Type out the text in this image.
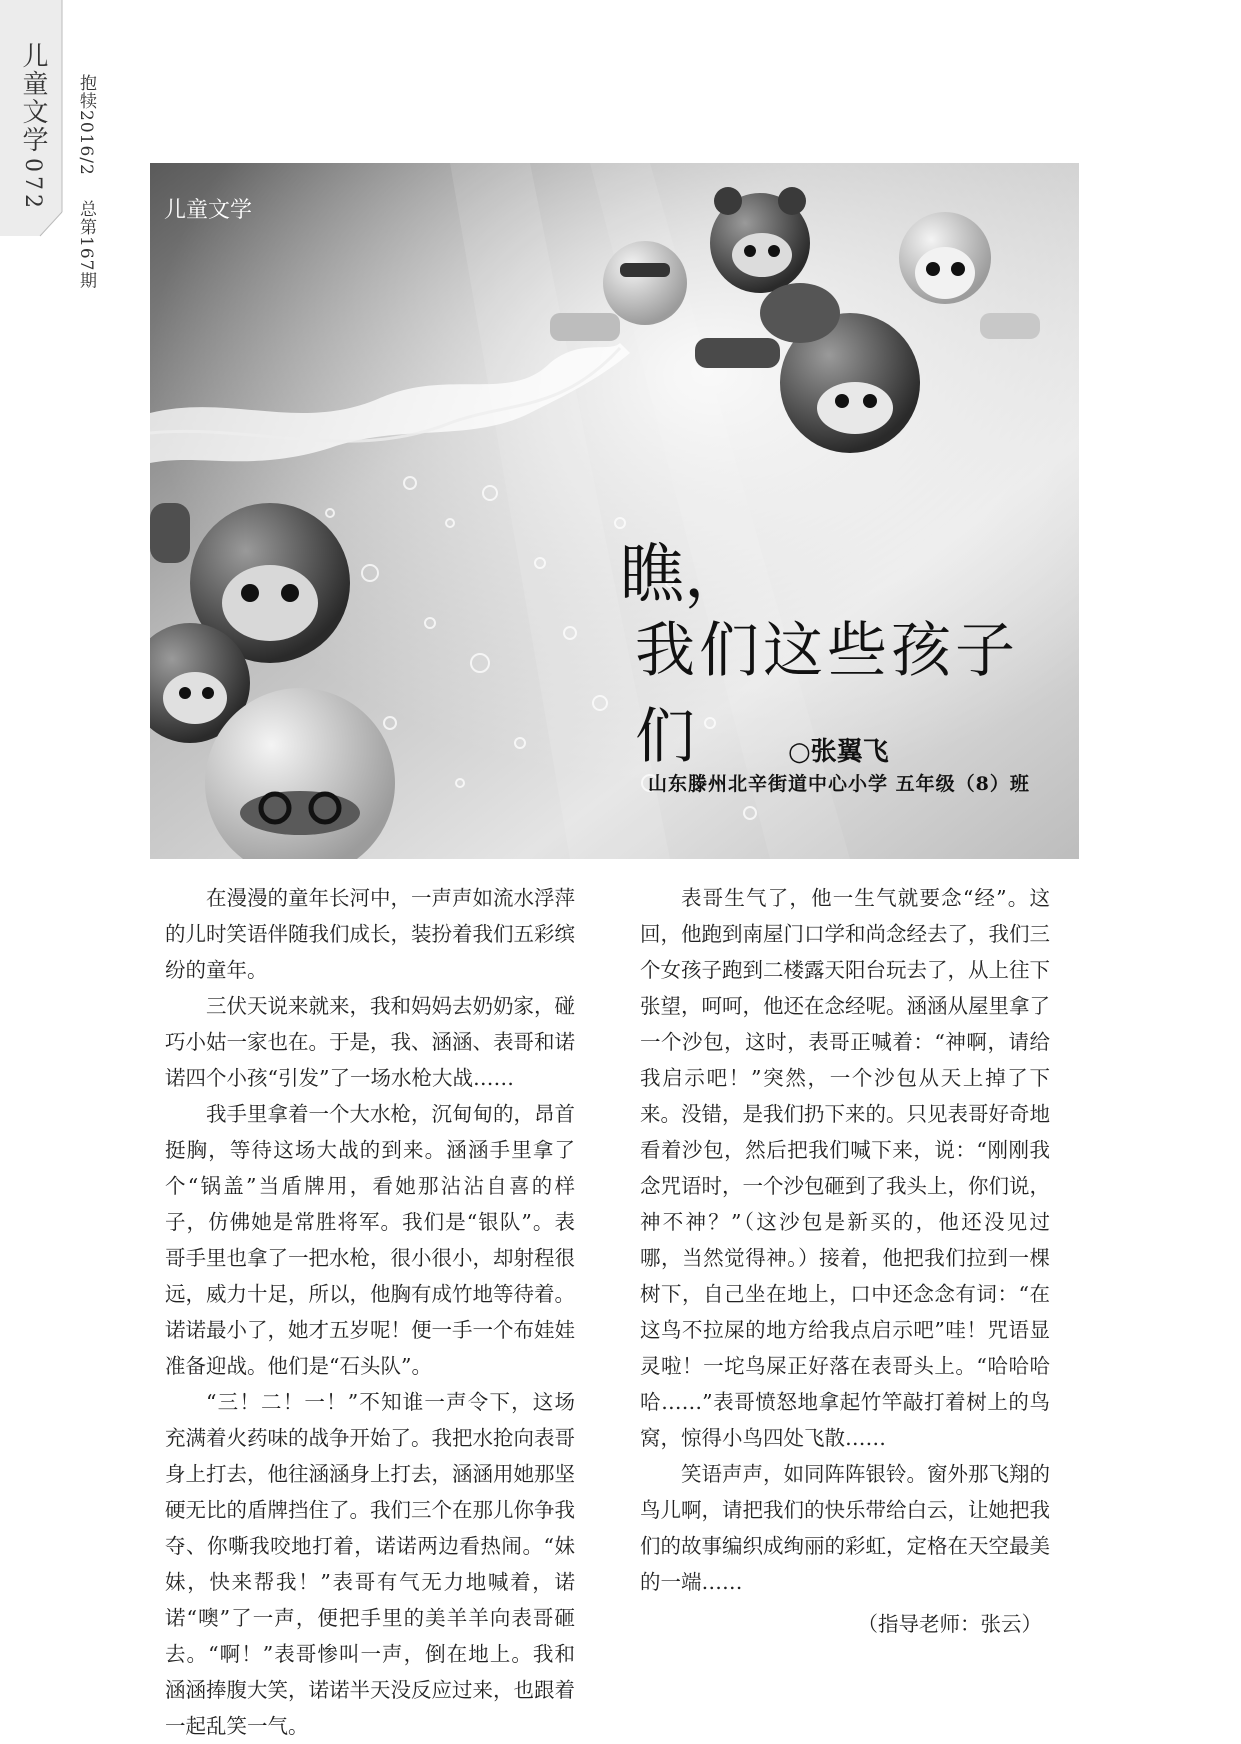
儿童文学
072
抱犊2016/2 总第167期	儿童文学
瞧，
我们这些孩子们	○张翼飞
山东滕州北辛街道中心小学 五年级（8）班

在漫漫的童年长河中，一声声如流水浮萍的儿时笑语伴随我们成长，装扮着我们五彩缤纷的童年。

三伏天说来就来，我和妈妈去奶奶家，碰巧小姑一家也在。于是，我、涵涵、表哥和诺诺四个小孩“引发”了一场水枪大战……

我手里拿着一个大水枪，沉甸甸的，昂首挺胸，等待这场大战的到来。涵涵手里拿了个“锅盖”当盾牌用，看她那沾沾自喜的样子，仿佛她是常胜将军。我们是“银队”。表哥手里也拿了一把水枪，很小很小，却射程很远，威力十足，所以，他胸有成竹地等待着。诺诺最小了，她才五岁呢！便一手一个布娃娃准备迎战。他们是“石头队”。

“三！二！一！”不知谁一声令下，这场充满着火药味的战争开始了。我把水抢向表哥身上打去，他往涵涵身上打去，涵涵用她那坚硬无比的盾牌挡住了。我们三个在那儿你争我夺、你嘶我咬地打着，诺诺两边看热闹。“妹妹，快来帮我！”表哥有气无力地喊着，诺诺“噢”了一声，便把手里的美羊羊向表哥砸去。“啊！”表哥惨叫一声，倒在地上。我和涵涵捧腹大笑，诺诺半天没反应过来，也跟着一起乱笑一气。

表哥生气了，他一生气就要念“经”。这回，他跑到南屋门口学和尚念经去了，我们三个女孩子跑到二楼露天阳台玩去了，从上往下张望，呵呵，他还在念经呢。涵涵从屋里拿了一个沙包，这时，表哥正喊着：“神啊，请给我启示吧！”突然，一个沙包从天上掉了下来。没错，是我们扔下来的。只见表哥好奇地看着沙包，然后把我们喊下来，说：“刚刚我念咒语时，一个沙包砸到了我头上，你们说，神不神？”（这沙包是新买的，他还没见过哪，当然觉得神。）接着，他把我们拉到一棵树下，自己坐在地上，口中还念念有词：“在这鸟不拉屎的地方给我点启示吧”哇！咒语显灵啦！一坨鸟屎正好落在表哥头上。“哈哈哈哈……”表哥愤怒地拿起竹竿敲打着树上的鸟窝，惊得小鸟四处飞散……

笑语声声，如同阵阵银铃。窗外那飞翔的鸟儿啊，请把我们的快乐带给白云，让她把我们的故事编织成绚丽的彩虹，定格在天空最美的一端……

（指导老师：张云）
